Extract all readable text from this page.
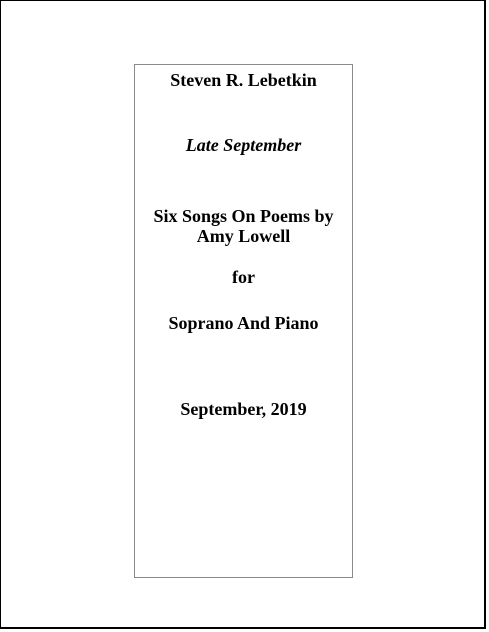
Steven R. Lebetkin
Late September
Six Songs On Poems by
Amy Lowell
for
Soprano And Piano
September, 2019
